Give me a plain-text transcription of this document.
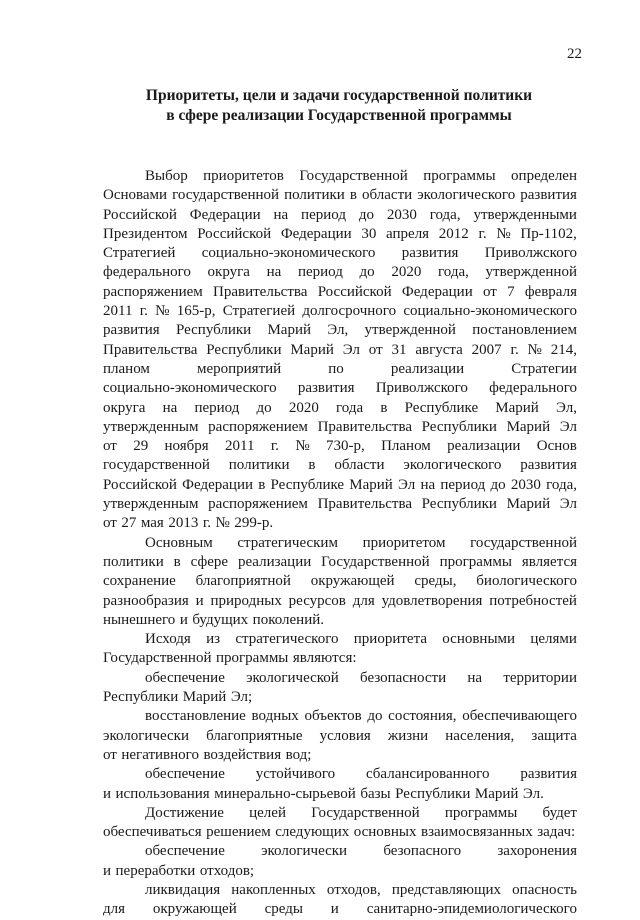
22
Приоритеты, цели и задачи государственной политики
в сфере реализации Государственной программы
Выбор приоритетов Государственной программы определен
Основами государственной политики в области экологического развития
Российской Федерации на период до 2030 года, утвержденными
Президентом Российской Федерации 30 апреля 2012 г. № Пр-1102,
Стратегией социально-экономического развития Приволжского
федерального округа на период до 2020 года, утвержденной
распоряжением Правительства Российской Федерации от 7 февраля
2011 г. № 165-р, Стратегией долгосрочного социально-экономического
развития Республики Марий Эл, утвержденной постановлением
Правительства Республики Марий Эл от 31 августа 2007 г. № 214,
планом	мероприятий	по	реализации	Стратегии
социально-экономического развития Приволжского федерального
округа на период до 2020 года в Республике Марий Эл,
утвержденным распоряжением Правительства Республики Марий Эл
от 29 ноября 2011 г. № 730-р, Планом реализации Основ
государственной политики в области экологического развития
Российской Федерации в Республике Марий Эл на период до 2030 года,
утвержденным распоряжением Правительства Республики Марий Эл
от 27 мая 2013 г. № 299-р.
Основным стратегическим приоритетом государственной
политики в сфере реализации Государственной программы является
сохранение благоприятной окружающей среды, биологического
разнообразия и природных ресурсов для удовлетворения потребностей
нынешнего и будущих поколений.
Исходя из стратегического приоритета основными целями
Государственной программы являются:
обеспечение экологической безопасности на территории
Республики Марий Эл;
восстановление водных объектов до состояния, обеспечивающего
экологически благоприятные условия жизни населения, защита
от негативного воздействия вод;
обеспечение устойчивого сбалансированного развития
и использования минерально-сырьевой базы Республики Марий Эл.
Достижение целей Государственной программы будет
обеспечиваться решением следующих основных взаимосвязанных задач:
обеспечение экологически безопасного захоронения
и переработки отходов;
ликвидация накопленных отходов, представляющих опасность
для окружающей среды и санитарно-эпидемиологического
